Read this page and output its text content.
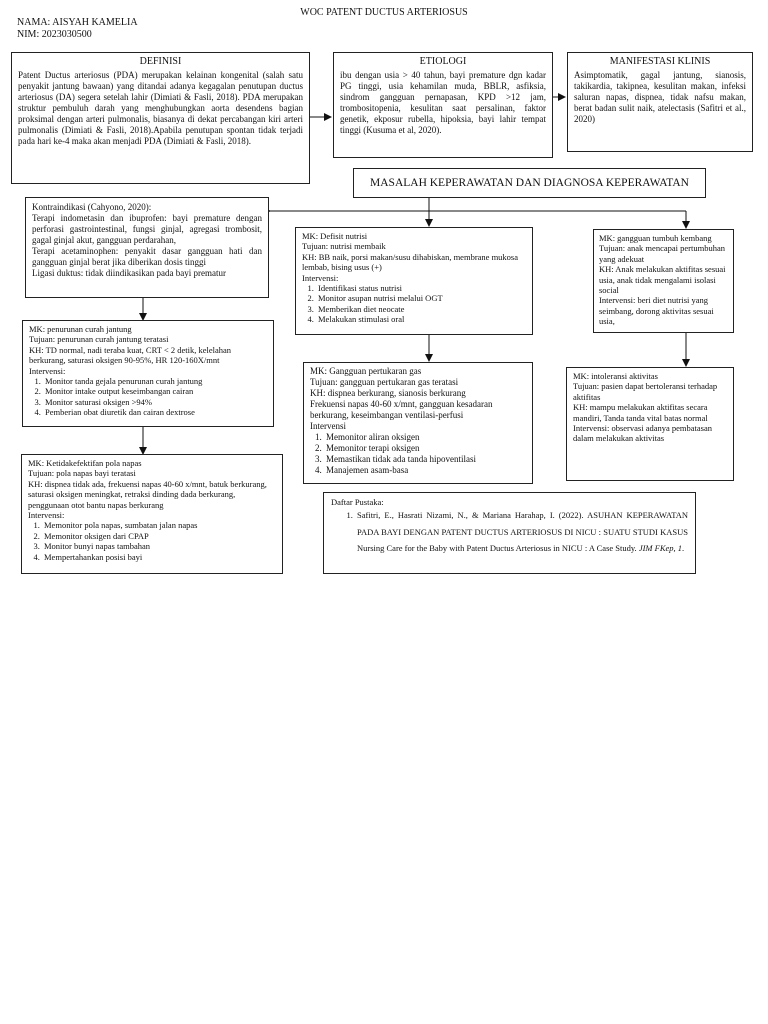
WOC PATENT DUCTUS ARTERIOSUS
NAMA: AISYAH KAMELIA
NIM: 2023030500
DEFINISI

Patent Ductus arteriosus (PDA) merupakan kelainan kongenital (salah satu penyakit jantung bawaan) yang ditandai adanya kegagalan penutupan ductus arteriosus (DA) segera setelah lahir (Dimiati & Fasli, 2018). PDA merupakan struktur pembuluh darah yang menghubungkan aorta desendens bagian proksimal dengan arteri pulmonalis, biasanya di dekat percabangan kiri arteri pulmonalis (Dimiati & Fasli, 2018).Apabila penutupan spontan tidak terjadi pada hari ke-4 maka akan menjadi PDA (Dimiati & Fasli, 2018).

ETIOLOGI

ibu dengan usia > 40 tahun, bayi premature dgn kadar PG tinggi, usia kehamilan muda, BBLR, asfiksia, sindrom gangguan pernapasan, KPD >12 jam, trombositopenia, kesulitan saat persalinan, faktor genetik, ekposur rubella, hipoksia, bayi lahir tempat tinggi (Kusuma et al, 2020).

MANIFESTASI KLINIS

Asimptomatik, gagal jantung, sianosis, takikardia, takipnea, kesulitan makan, infeksi saluran napas, dispnea, tidak nafsu makan, berat badan sulit naik, atelectasis (Safitri et al., 2020)

MASALAH KEPERAWATAN DAN DIAGNOSA KEPERAWATAN

Kontraindikasi (Cahyono, 2020):

Terapi indometasin dan ibuprofen: bayi premature dengan perforasi gastrointestinal, fungsi ginjal, agregasi trombosit, gagal ginjal akut, gangguan perdarahan,

Terapi acetaminophen: penyakit dasar gangguan hati dan gangguan ginjal berat jika diberikan dosis tinggi

Ligasi duktus: tidak diindikasikan pada bayi prematur

MK: Defisit nutrisi

Tujuan: nutrisi membaik

KH: BB naik, porsi makan/susu dihabiskan, membrane mukosa lembab, bising usus (+)

Intervensi:

1. Identifikasi status nutrisi
2. Monitor asupan nutrisi melalui OGT
3. Memberikan diet neocate
4. Melakukan stimulasi oral

MK: gangguan tumbuh kembang

Tujuan: anak mencapai pertumbuhan yang adekuat

KH: Anak melakukan aktifitas sesuai usia, anak tidak mengalami isolasi social

Intervensi: beri diet nutrisi yang seimbang, dorong aktivitas sesuai usia,

MK: penurunan curah jantung

Tujuan: penurunan curah jantung teratasi

KH: TD normal, nadi teraba kuat, CRT < 2 detik, kelelahan berkurang, saturasi oksigen 90-95%, HR 120-160X/mnt

Intervensi:

1. Monitor tanda gejala penurunan curah jantung
2. Monitor intake output keseimbangan cairan
3. Monitor saturasi oksigen >94%
4. Pemberian obat diuretik dan cairan dextrose

MK: Gangguan pertukaran gas

Tujuan: gangguan pertukaran gas teratasi

KH: dispnea berkurang, sianosis berkurang

Frekuensi napas 40-60 x/mnt, gangguan kesadaran berkurang, keseimbangan ventilasi-perfusi

Intervensi

1. Memonitor aliran oksigen
2. Memonitor terapi oksigen
3. Memastikan tidak ada tanda hipoventilasi
4. Manajemen asam-basa

MK: intoleransi aktivitas

Tujuan: pasien dapat bertoleransi terhadap aktifitas

KH: mampu melakukan aktifitas secara mandiri, Tanda tanda vital batas normal

Intervensi: observasi adanya pembatasan dalam melakukan aktivitas

MK: Ketidakefektifan pola napas

Tujuan: pola napas bayi teratasi

KH: dispnea tidak ada, frekuensi napas 40-60 x/mnt, batuk berkurang, saturasi oksigen meningkat, retraksi dinding dada berkurang, penggunaan otot bantu napas berkurang

Intervensi:

1. Memonitor pola napas, sumbatan jalan napas
2. Memonitor oksigen dari CPAP
3. Monitor bunyi napas tambahan
4. Mempertahankan posisi bayi

Daftar Pustaka:

1. Safitri, E., Hasrati Nizami, N., & Mariana Harahap, I. (2022). ASUHAN KEPERAWATAN PADA BAYI DENGAN PATENT DUCTUS ARTERIOSUS DI NICU : SUATU STUDI KASUS Nursing Care for the Baby with Patent Ductus Arteriosus in NICU : A Case Study. JIM FKep, 1.
